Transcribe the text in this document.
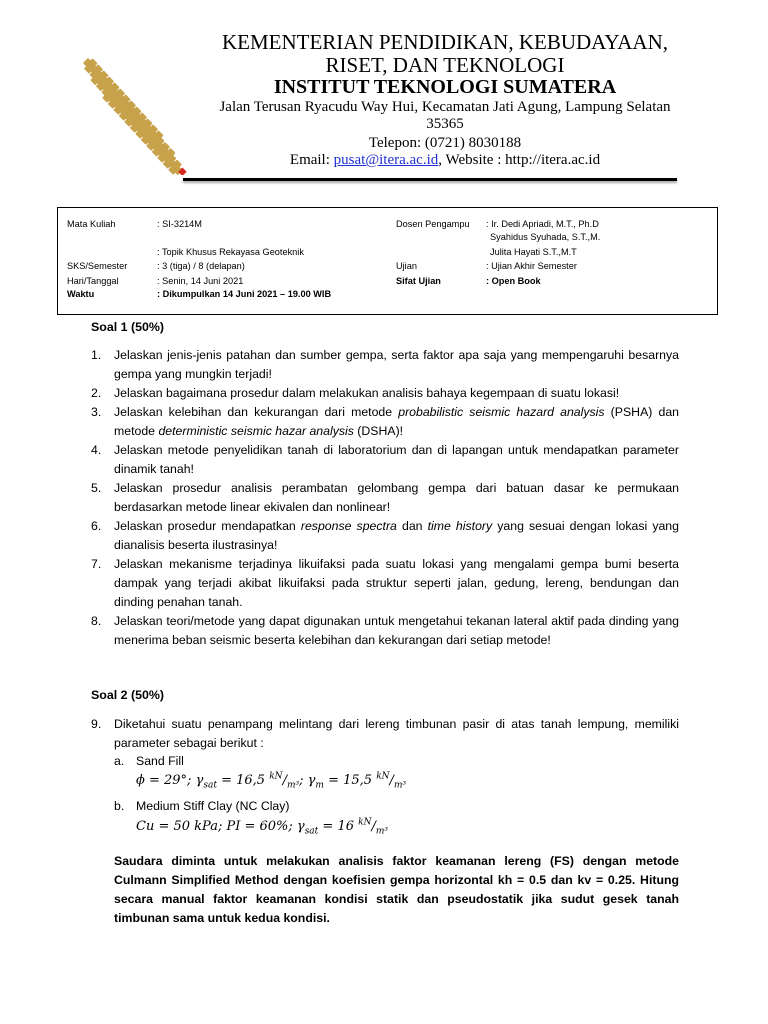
KEMENTERIAN PENDIDIKAN, KEBUDAYAAN,
RISET, DAN TEKNOLOGI
INSTITUT TEKNOLOGI SUMATERA
Jalan Terusan Ryacudu Way Hui, Kecamatan Jati Agung, Lampung Selatan
35365
Telepon: (0721) 8030188
Email: pusat@itera.ac.id, Website : http://itera.ac.id
Mata Kuliah	: SI-3214M
: Topik Khusus Rekayasa Geoteknik
SKS/Semester	: 3 (tiga) / 8 (delapan)
Hari/Tanggal	: Senin, 14 Juni 2021
Waktu	: Dikumpulkan 14 Juni 2021 – 19.00 WIB
Dosen Pengampu : Ir. Dedi Apriadi, M.T., Ph.D
Syahidus Syuhada, S.T.,M.
Julita Hayati S.T.,M.T
Ujian	: Ujian Akhir Semester
Sifat Ujian	: Open Book
Soal 1 (50%)
1. Jelaskan jenis-jenis patahan dan sumber gempa, serta faktor apa saja yang mempengaruhi besarnya gempa yang mungkin terjadi!
2. Jelaskan bagaimana prosedur dalam melakukan analisis bahaya kegempaan di suatu lokasi!
3. Jelaskan kelebihan dan kekurangan dari metode probabilistic seismic hazard analysis (PSHA) dan metode deterministic seismic hazar analysis (DSHA)!
4. Jelaskan metode penyelidikan tanah di laboratorium dan di lapangan untuk mendapatkan parameter dinamik tanah!
5. Jelaskan prosedur analisis perambatan gelombang gempa dari batuan dasar ke permukaan berdasarkan metode linear ekivalen dan nonlinear!
6. Jelaskan prosedur mendapatkan response spectra dan time history yang sesuai dengan lokasi yang dianalisis beserta ilustrasinya!
7. Jelaskan mekanisme terjadinya likuifaksi pada suatu lokasi yang mengalami gempa bumi beserta dampak yang terjadi akibat likuifaksi pada struktur seperti jalan, gedung, lereng, bendungan dan dinding penahan tanah.
8. Jelaskan teori/metode yang dapat digunakan untuk mengetahui tekanan lateral aktif pada dinding yang menerima beban seismic beserta kelebihan dan kekurangan dari setiap metode!
Soal 2 (50%)
9. Diketahui suatu penampang melintang dari lereng timbunan pasir di atas tanah lempung, memiliki parameter sebagai berikut :
a. Sand Fill
ϕ = 29°; $\gamma_{sat} = 16,5$ $^{kN}/_{m^3}$; $\gamma_m = 15,5$ $^{kN}/_{m^3}$
b. Medium Stiff Clay (NC Clay)
Cu = 50 kPa; PI = 60%; $\gamma_{sat} = 16$ $^{kN}/_{m^3}$
Saudara diminta untuk melakukan analisis faktor keamanan lereng (FS) dengan metode Culmann Simplified Method dengan koefisien gempa horizontal kh = 0.5 dan kv = 0.25. Hitung secara manual faktor keamanan kondisi statik dan pseudostatik jika sudut gesek tanah timbunan sama untuk kedua kondisi.
